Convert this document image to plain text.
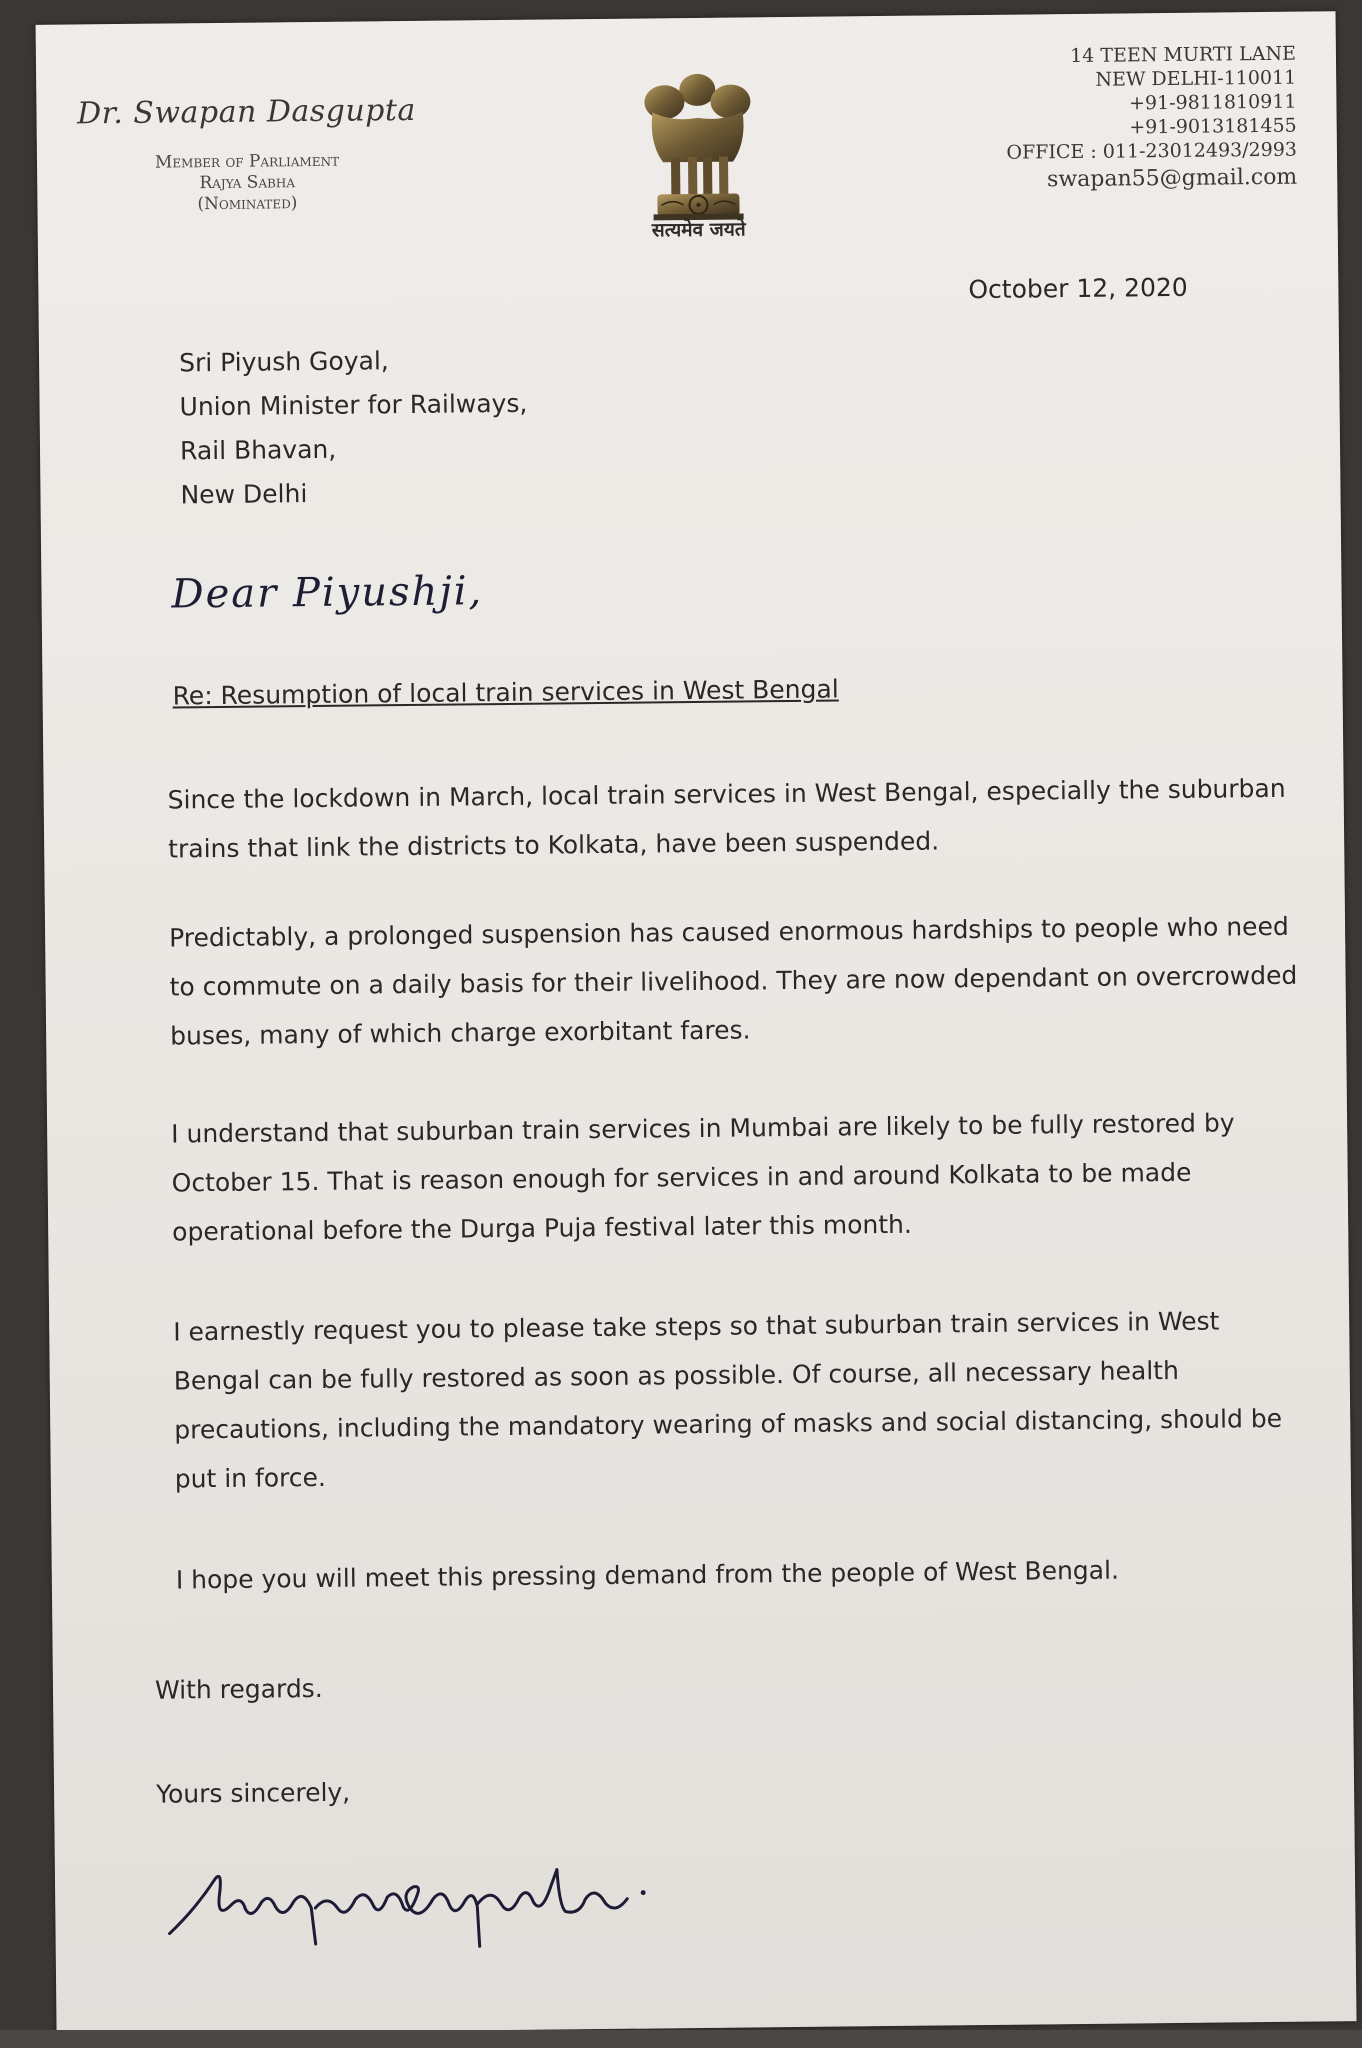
Dr. Swapan Dasgupta
Member of Parliament
Rajya Sabha
(Nominated)
सत्यमेव जयते
14 TEEN MURTI LANE
NEW DELHI-110011
+91-9811810911
+91-9013181455
OFFICE : 011-23012493/2993
swapan55@gmail.com
October 12, 2020
Sri Piyush Goyal,
Union Minister for Railways,
Rail Bhavan,
New Delhi
Dear Piyushji,
Re: Resumption of local train services in West Bengal
Since the lockdown in March, local train services in West Bengal, especially the suburban trains that link the districts to Kolkata, have been suspended.
Predictably, a prolonged suspension has caused enormous hardships to people who need to commute on a daily basis for their livelihood. They are now dependant on overcrowded buses, many of which charge exorbitant fares.
I understand that suburban train services in Mumbai are likely to be fully restored by October 15. That is reason enough for services in and around Kolkata to be made operational before the Durga Puja festival later this month.
I earnestly request you to please take steps so that suburban train services in West Bengal can be fully restored as soon as possible. Of course, all necessary health precautions, including the mandatory wearing of masks and social distancing, should be put in force.
I hope you will meet this pressing demand from the people of West Bengal.
With regards.
Yours sincerely,
